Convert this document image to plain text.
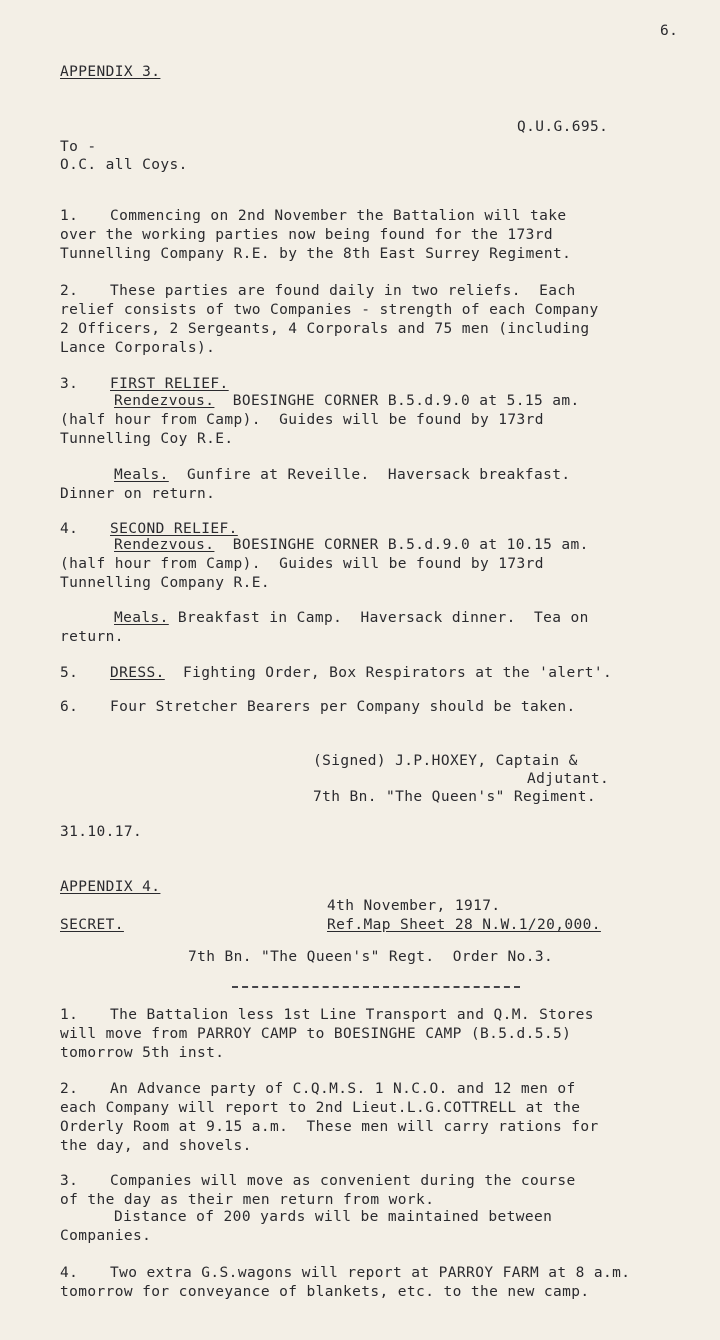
6.
APPENDIX 3.
Q.U.G.695.
To -
O.C. all Coys.
1. Commencing on 2nd November the Battalion will take
over the working parties now being found for the 173rd
Tunnelling Company R.E. by the 8th East Surrey Regiment.
2. These parties are found daily in two reliefs.  Each
relief consists of two Companies - strength of each Company
2 Officers, 2 Sergeants, 4 Corporals and 75 men (including
Lance Corporals).
3. FIRST RELIEF.
Rendezvous. BOESINGHE CORNER B.5.d.9.0 at 5.15 am.
(half hour from Camp).  Guides will be found by 173rd
Tunnelling Coy R.E.
Meals. Gunfire at Reveille.  Haversack breakfast.
Dinner on return.
4. SECOND RELIEF.
Rendezvous. BOESINGHE CORNER B.5.d.9.0 at 10.15 am.
(half hour from Camp).  Guides will be found by 173rd
Tunnelling Company R.E.
Meals. Breakfast in Camp.  Haversack dinner.  Tea on
return.
5. DRESS. Fighting Order, Box Respirators at the 'alert'.
6. Four Stretcher Bearers per Company should be taken.
(Signed) J.P.HOXEY, Captain &
Adjutant.
7th Bn. "The Queen's" Regiment.
31.10.17.
APPENDIX 4.
4th November, 1917.
SECRET.	Ref.Map Sheet 28 N.W.1/20,000.
7th Bn. "The Queen's" Regt.  Order No.3.
1. The Battalion less 1st Line Transport and Q.M. Stores
will move from PARROY CAMP to BOESINGHE CAMP (B.5.d.5.5)
tomorrow 5th inst.
2. An Advance party of C.Q.M.S. 1 N.C.O. and 12 men of
each Company will report to 2nd Lieut.L.G.COTTRELL at the
Orderly Room at 9.15 a.m.  These men will carry rations for
the day, and shovels.
3. Companies will move as convenient during the course
of the day as their men return from work.
Distance of 200 yards will be maintained between
Companies.
4. Two extra G.S.wagons will report at PARROY FARM at 8 a.m.
tomorrow for conveyance of blankets, etc. to the new camp.
